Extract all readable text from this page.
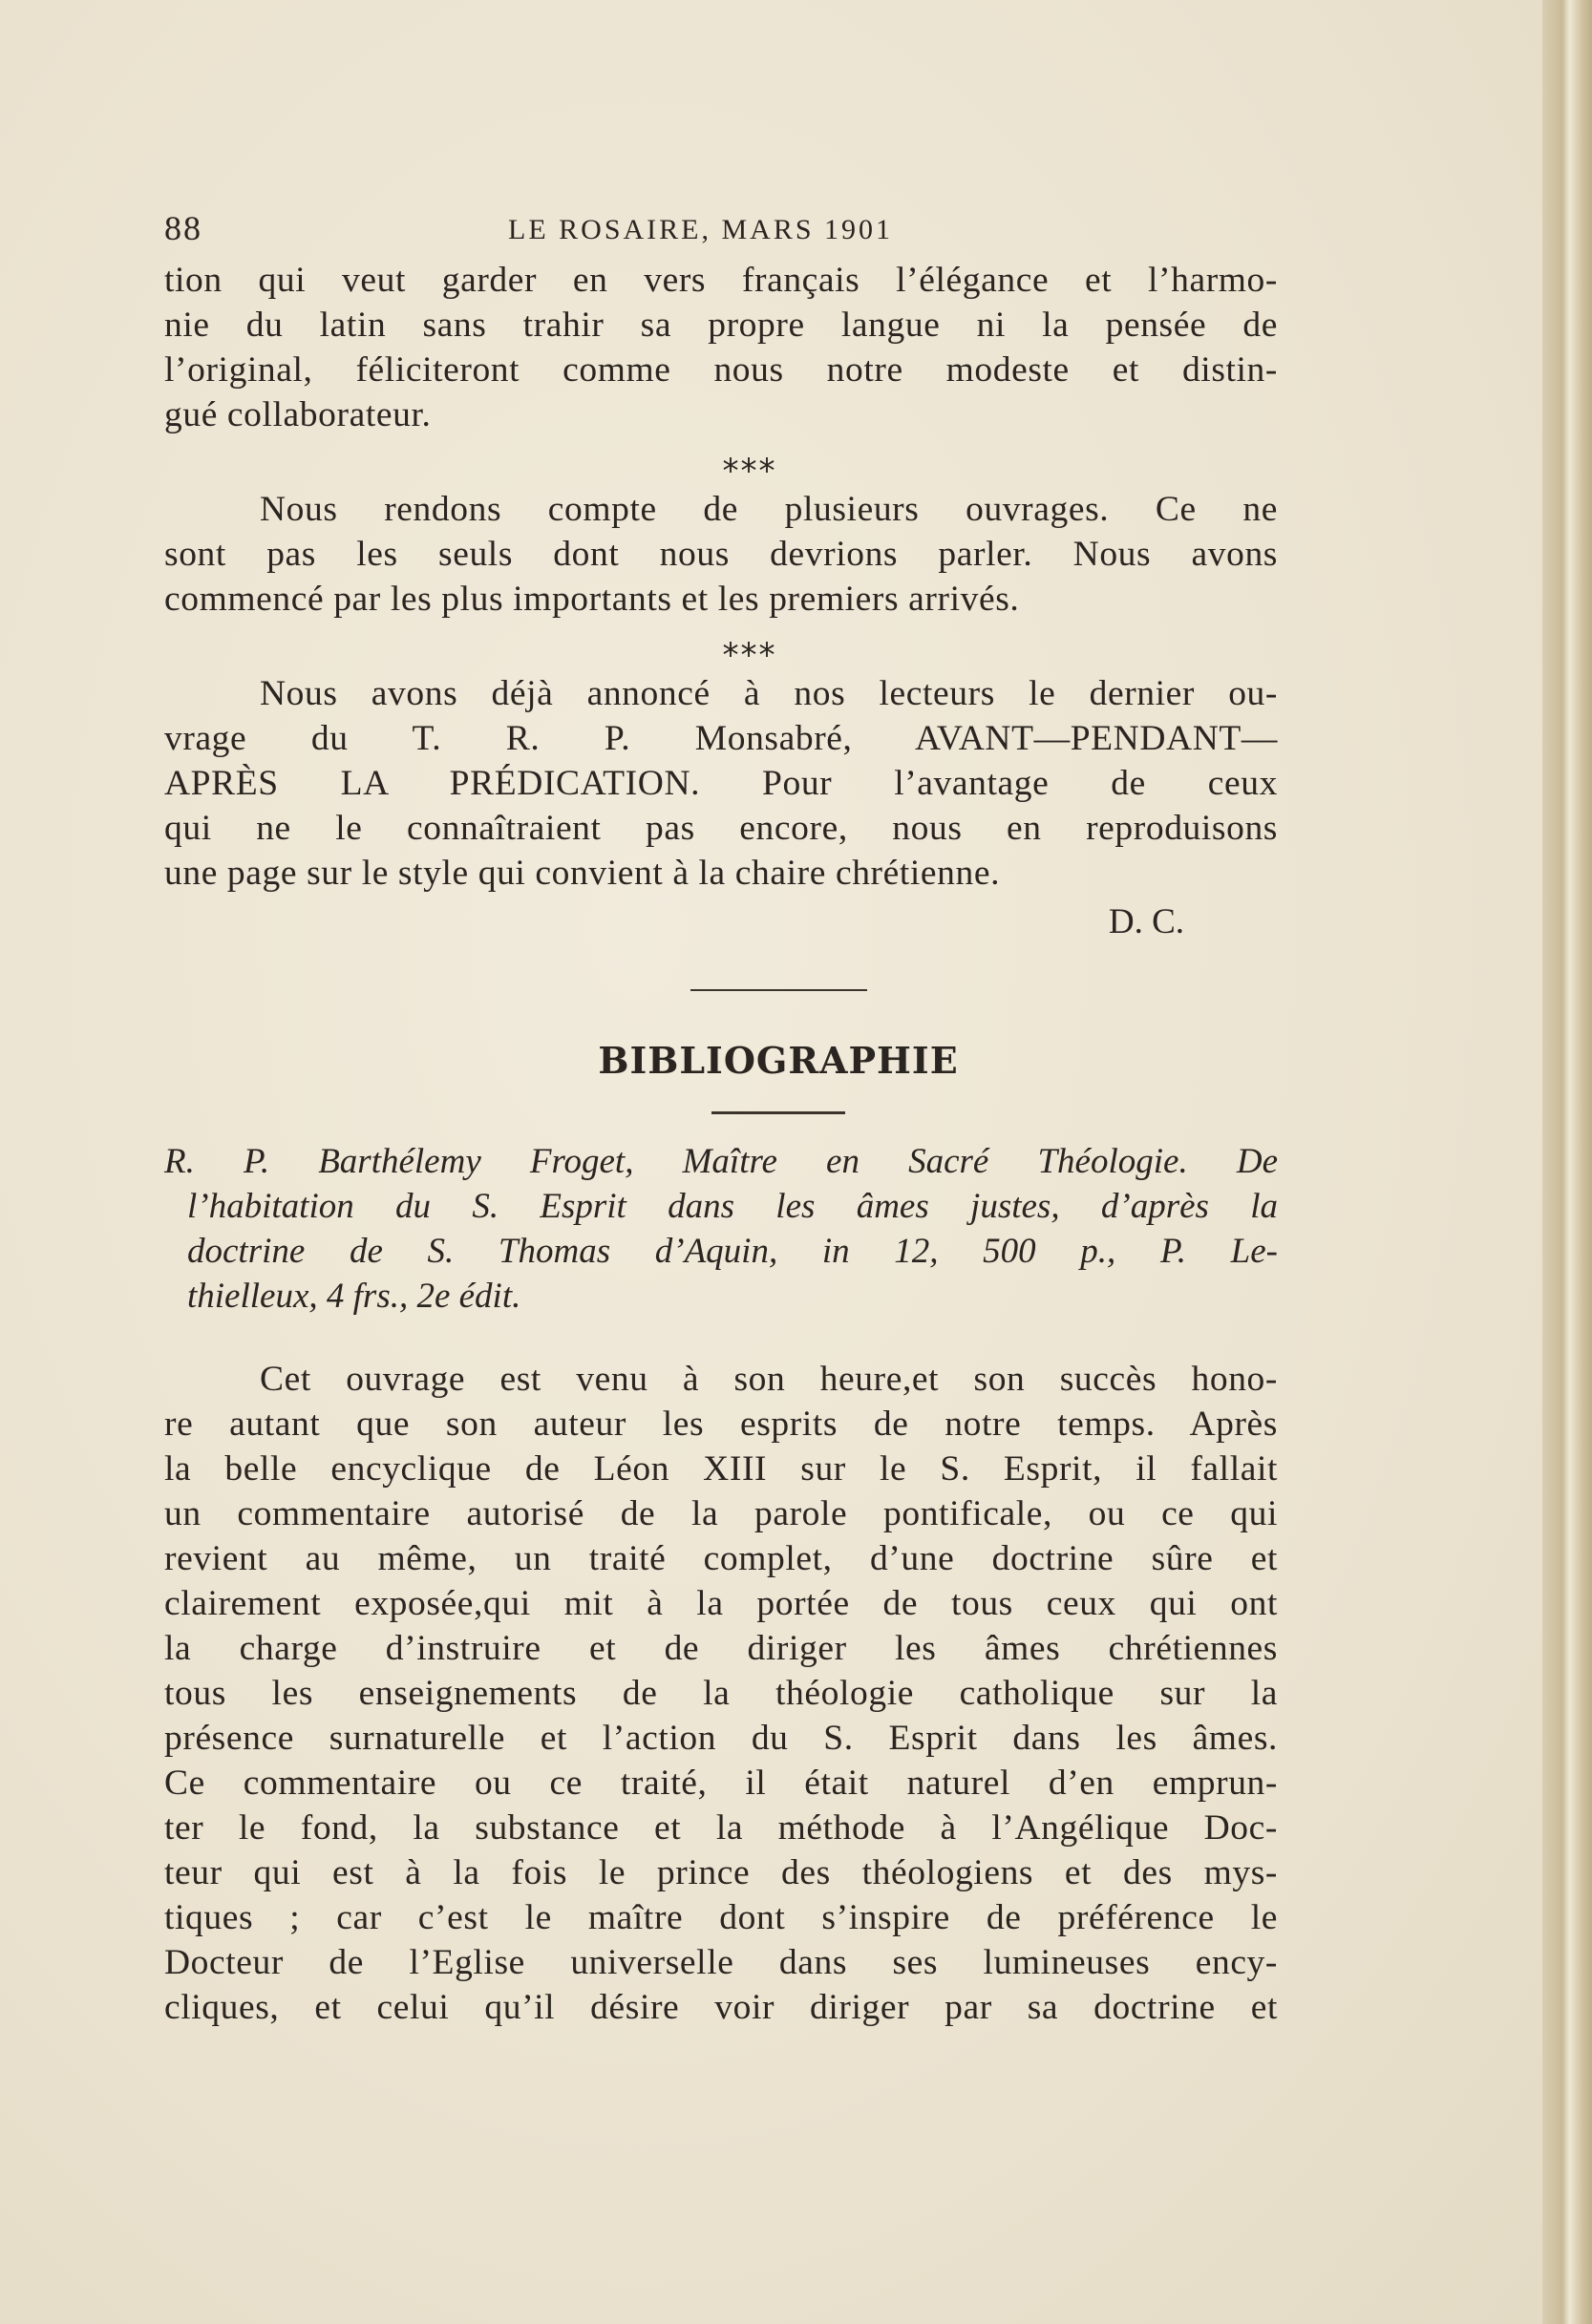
88	LE ROSAIRE, MARS 1901
tion qui veut garder en vers français l’élégance et l’harmo-
nie du latin sans trahir sa propre langue ni la pensée de
l’original, féliciteront comme nous notre modeste et distin-
gué collaborateur.
⁎⁎⁎
Nous rendons compte de plusieurs ouvrages. Ce ne
sont pas les seuls dont nous devrions parler. Nous avons
commencé par les plus importants et les premiers arrivés.
⁎⁎⁎
Nous avons déjà annoncé à nos lecteurs le dernier ou-
vrage du T. R. P. Monsabré, AVANT—PENDANT—
APRÈS LA PRÉDICATION. Pour l’avantage de ceux
qui ne le connaîtraient pas encore, nous en reproduisons
une page sur le style qui convient à la chaire chrétienne.
D. C.
BIBLIOGRAPHIE
R. P. Barthélemy Froget, Maître en Sacré Théologie. De
l’habitation du S. Esprit dans les âmes justes, d’après la
doctrine de S. Thomas d’Aquin, in 12, 500 p., P. Le-
thielleux, 4 frs., 2e édit.
Cet ouvrage est venu à son heure,et son succès hono-
re autant que son auteur les esprits de notre temps. Après
la belle encyclique de Léon XIII sur le S. Esprit, il fallait
un commentaire autorisé de la parole pontificale, ou ce qui
revient au même, un traité complet, d’une doctrine sûre et
clairement exposée,qui mit à la portée de tous ceux qui ont
la charge d’instruire et de diriger les âmes chrétiennes
tous les enseignements de la théologie catholique sur la
présence surnaturelle et l’action du S. Esprit dans les âmes.
Ce commentaire ou ce traité, il était naturel d’en emprun-
ter le fond, la substance et la méthode à l’Angélique Doc-
teur qui est à la fois le prince des théologiens et des mys-
tiques ; car c’est le maître dont s’inspire de préférence le
Docteur de l’Eglise universelle dans ses lumineuses ency-
cliques, et celui qu’il désire voir diriger par sa doctrine et
